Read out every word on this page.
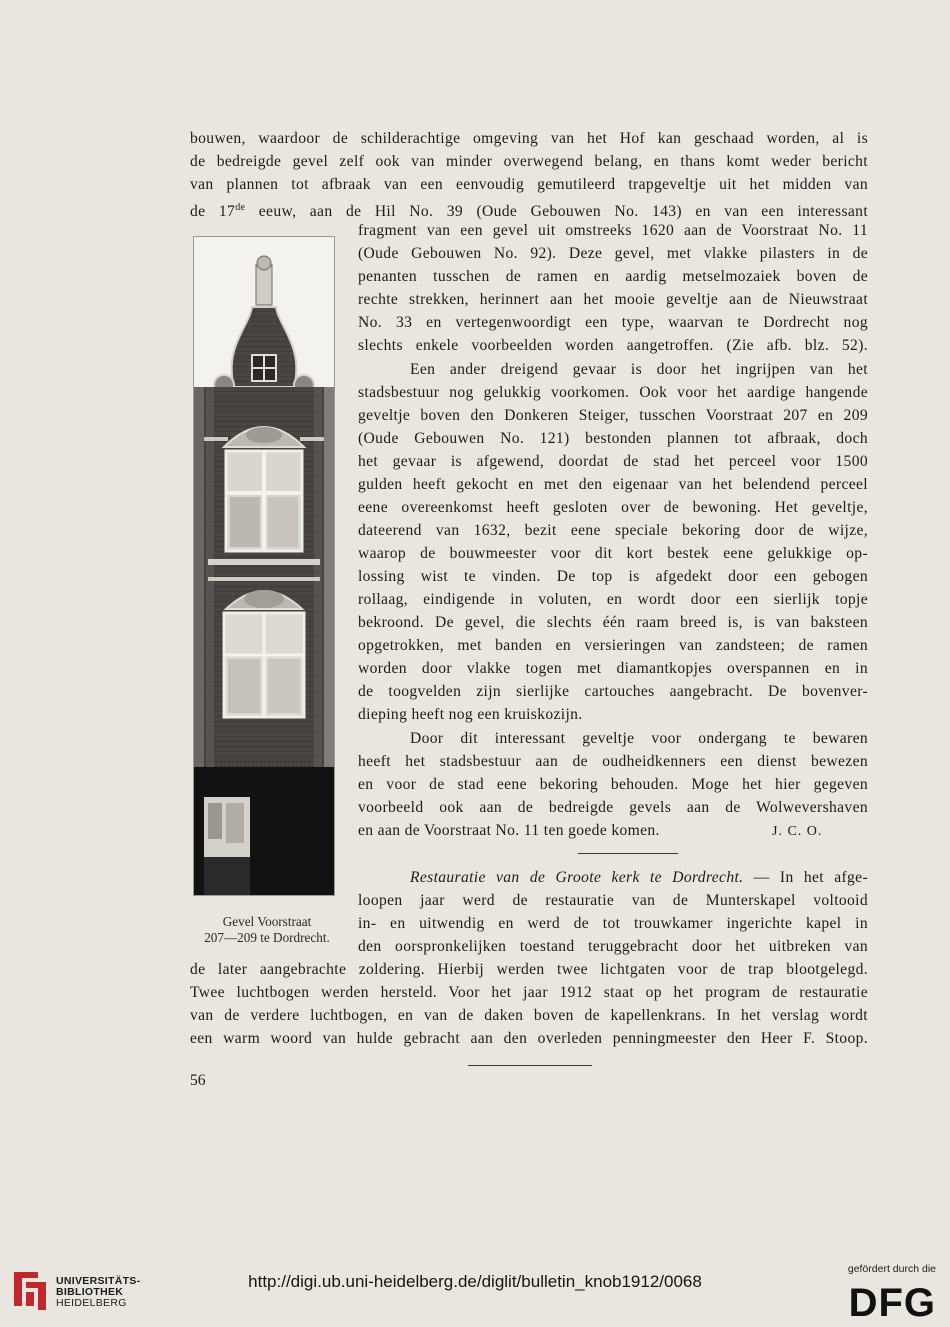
bouwen, waardoor de schilderachtige omgeving van het Hof kan geschaad worden, al is
de bedreigde gevel zelf ook van minder overwegend belang, en thans komt weder bericht
van plannen tot afbraak van een eenvoudig gemutileerd trapgeveltje uit het midden van
de 17de eeuw, aan de Hil No. 39 (Oude Gebouwen No. 143) en van een interessant
fragment van een gevel uit omstreeks 1620 aan de Voorstraat No. 11
(Oude Gebouwen No. 92). Deze gevel, met vlakke pilasters in de
penanten tusschen de ramen en aardig metselmozaiek boven de
rechte strekken, herinnert aan het mooie geveltje aan de Nieuwstraat
No. 33 en vertegenwoordigt een type, waarvan te Dordrecht nog
slechts enkele voorbeelden worden aangetroffen. (Zie afb. blz. 52).
Een ander dreigend gevaar is door het ingrijpen van het
stadsbestuur nog gelukkig voorkomen. Ook voor het aardige hangende
geveltje boven den Donkeren Steiger, tusschen Voorstraat 207 en 209
(Oude Gebouwen No. 121) bestonden plannen tot afbraak, doch
het gevaar is afgewend, doordat de stad het perceel voor 1500
gulden heeft gekocht en met den eigenaar van het belendend perceel
eene overeenkomst heeft gesloten over de bewoning. Het geveltje,
dateerend van 1632, bezit eene speciale bekoring door de wijze,
waarop de bouwmeester voor dit kort bestek eene gelukkige op-
lossing wist te vinden. De top is afgedekt door een gebogen
rollaag, eindigende in voluten, en wordt door een sierlijk topje
bekroond. De gevel, die slechts één raam breed is, is van baksteen
opgetrokken, met banden en versieringen van zandsteen; de ramen
worden door vlakke togen met diamantkopjes overspannen en in
de toogvelden zijn sierlijke cartouches aangebracht. De bovenver-
dieping heeft nog een kruiskozijn.
Door dit interessant geveltje voor ondergang te bewaren
heeft het stadsbestuur aan de oudheidkenners een dienst bewezen
en voor de stad eene bekoring behouden. Moge het hier gegeven
voorbeeld ook aan de bedreigde gevels aan de Wolwevershaven
en aan de Voorstraat No. 11 ten goede komen.	J. C. O.
Restauratie van de Groote kerk te Dordrecht. — In het afge-
loopen jaar werd de restauratie van de Munterskapel voltooid
in- en uitwendig en werd de tot trouwkamer ingerichte kapel in
den oorspronkelijken toestand teruggebracht door het uitbreken van
de later aangebrachte zoldering. Hierbij werden twee lichtgaten voor de trap blootgelegd.
Twee luchtbogen werden hersteld. Voor het jaar 1912 staat op het program de restauratie
van de verdere luchtbogen, en van de daken boven de kapellenkrans. In het verslag wordt
een warm woord van hulde gebracht aan den overleden penningmeester den Heer F. Stoop.
Gevel Voorstraat
207—209 te Dordrecht.
56
UNIVERSITÄTS-
BIBLIOTHEK
HEIDELBERG
http://digi.ub.uni-heidelberg.de/diglit/bulletin_knob1912/0068
gefördert durch die
DFG
